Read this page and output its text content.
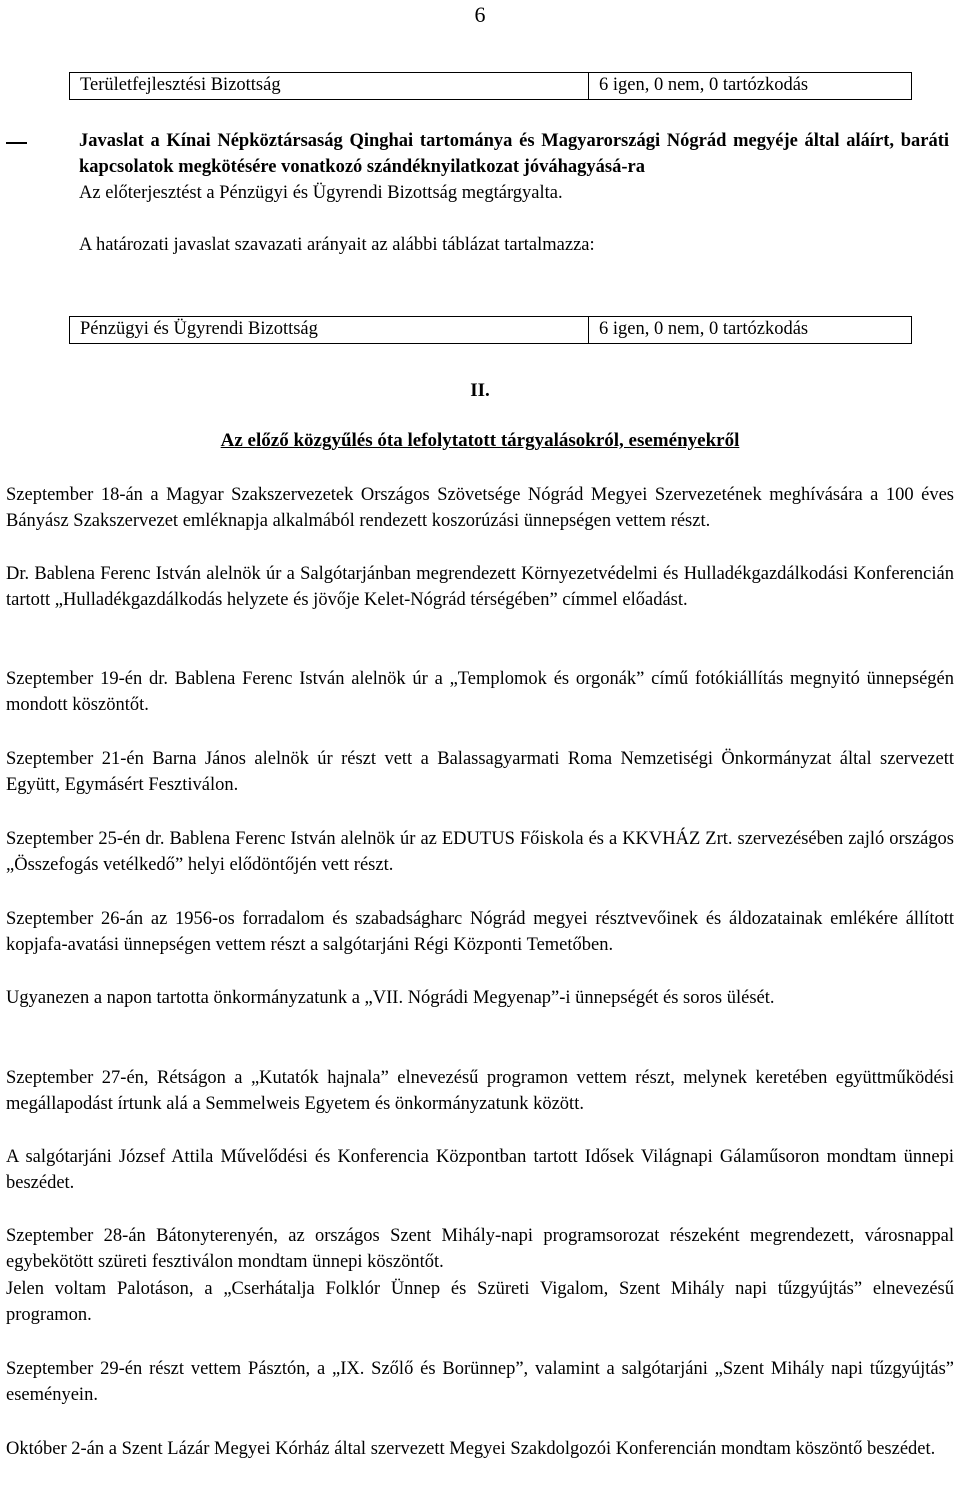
6
Területfejlesztési Bizottság	6 igen, 0 nem, 0 tartózkodás

Javaslat a Kínai Népköztársaság Qinghai tartománya és Magyarországi Nógrád megyéje által aláírt, baráti kapcsolatok megkötésére vonatkozó szándéknyilatkozat jóváhagyásá-ra

Az előterjesztést a Pénzügyi és Ügyrendi Bizottság megtárgyalta.

A határozati javaslat szavazati arányait az alábbi táblázat tartalmazza:

Pénzügyi és Ügyrendi Bizottság	6 igen, 0 nem, 0 tartózkodás
II.
Az előző közgyűlés óta lefolytatott tárgyalásokról, eseményekről
Szeptember 18-án a Magyar Szakszervezetek Országos Szövetsége Nógrád Megyei Szervezetének meghívására a 100 éves Bányász Szakszervezet emléknapja alkalmából rendezett koszorúzási ünnepségen vettem részt.
Dr. Bablena Ferenc István alelnök úr a Salgótarjánban megrendezett Környezetvédelmi és Hulladékgazdálkodási Konferencián tartott „Hulladékgazdálkodás helyzete és jövője Kelet-Nógrád térségében” címmel előadást.
Szeptember 19-én dr. Bablena Ferenc István alelnök úr a „Templomok és orgonák” című fotókiállítás megnyitó ünnepségén mondott köszöntőt.
Szeptember 21-én Barna János alelnök úr részt vett a Balassagyarmati Roma Nemzetiségi Önkormányzat által szervezett Együtt, Egymásért Fesztiválon.
Szeptember 25-én dr. Bablena Ferenc István alelnök úr az EDUTUS Főiskola és a KKVHÁZ Zrt. szervezésében zajló országos „Összefogás vetélkedő” helyi elődöntőjén vett részt.
Szeptember 26-án az 1956-os forradalom és szabadságharc Nógrád megyei résztvevőinek és áldozatainak emlékére állított kopjafa-avatási ünnepségen vettem részt a salgótarjáni Régi Központi Temetőben.
Ugyanezen a napon tartotta önkormányzatunk a „VII. Nógrádi Megyenap”-i ünnepségét és soros ülését.
Szeptember 27-én, Rétságon a „Kutatók hajnala” elnevezésű programon vettem részt, melynek keretében együttműködési megállapodást írtunk alá a Semmelweis Egyetem és önkormányzatunk között.
A salgótarjáni József Attila Művelődési és Konferencia Központban tartott Idősek Világnapi Gálaműsoron mondtam ünnepi beszédet.
Szeptember 28-án Bátonyterenyén, az országos Szent Mihály-napi programsorozat részeként megrendezett, városnappal egybekötött szüreti fesztiválon mondtam ünnepi köszöntőt.
Jelen voltam Palotáson, a „Cserhátalja Folklór Ünnep és Szüreti Vigalom, Szent Mihály napi tűzgyújtás” elnevezésű programon.
Szeptember 29-én részt vettem Pásztón, a „IX. Szőlő és Borünnep”, valamint a salgótarjáni „Szent Mihály napi tűzgyújtás” eseményein.
Október 2-án a Szent Lázár Megyei Kórház által szervezett Megyei Szakdolgozói Konferencián mondtam köszöntő beszédet.
